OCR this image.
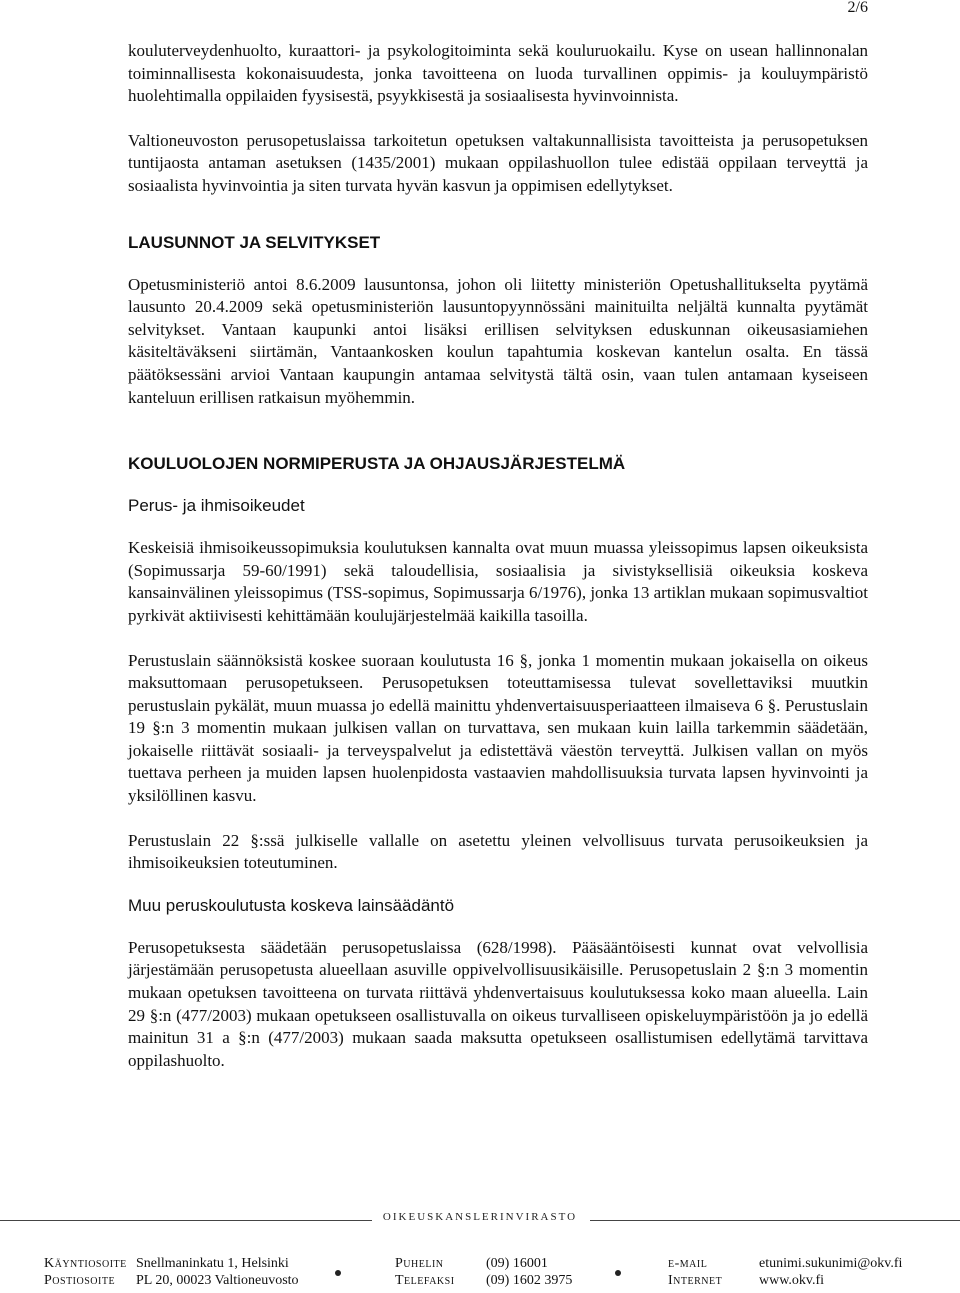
2/6

kouluterveydenhuolto, kuraattori- ja psykologitoiminta sekä kouluruokailu. Kyse on usean hallinnonalan toiminnallisesta kokonaisuudesta, jonka tavoitteena on luoda turvallinen oppimis- ja kouluympäristö huolehtimalla oppilaiden fyysisestä, psyykkisestä ja sosiaalisesta hyvinvoinnista.

Valtioneuvoston perusopetuslaissa tarkoitetun opetuksen valtakunnallisista tavoitteista ja perusopetuksen tuntijaosta antaman asetuksen (1435/2001) mukaan oppilashuollon tulee edistää oppilaan terveyttä ja sosiaalista hyvinvointia ja siten turvata hyvän kasvun ja oppimisen edellytykset.

LAUSUNNOT JA SELVITYKSET

Opetusministeriö antoi 8.6.2009 lausuntonsa, johon oli liitetty ministeriön Opetushallitukselta pyytämä lausunto 20.4.2009 sekä opetusministeriön lausuntopyynnössäni mainituilta neljältä kunnalta pyytämät selvitykset. Vantaan kaupunki antoi lisäksi erillisen selvityksen eduskunnan oikeusasiamiehen käsiteltäväkseni siirtämän, Vantaankosken koulun tapahtumia koskevan kantelun osalta. En tässä päätöksessäni arvioi Vantaan kaupungin antamaa selvitystä tältä osin, vaan tulen antamaan kyseiseen kanteluun erillisen ratkaisun myöhemmin.

KOULUOLOJEN NORMIPERUSTA JA OHJAUSJÄRJESTELMÄ
Perus- ja ihmisoikeudet

Keskeisiä ihmisoikeussopimuksia koulutuksen kannalta ovat muun muassa yleissopimus lapsen oikeuksista (Sopimussarja 59-60/1991) sekä taloudellisia, sosiaalisia ja sivistyksellisiä oikeuksia koskeva kansainvälinen yleissopimus (TSS-sopimus, Sopimussarja 6/1976), jonka 13 artiklan mukaan sopimusvaltiot pyrkivät aktiivisesti kehittämään koulujärjestelmää kaikilla tasoilla.

Perustuslain säännöksistä koskee suoraan koulutusta 16 §, jonka 1 momentin mukaan jokaisella on oikeus maksuttomaan perusopetukseen. Perusopetuksen toteuttamisessa tulevat sovellettaviksi muutkin perustuslain pykälät, muun muassa jo edellä mainittu yhdenvertaisuusperiaatteen ilmaiseva 6 §. Perustuslain 19 §:n 3 momentin mukaan julkisen vallan on turvattava, sen mukaan kuin lailla tarkemmin säädetään, jokaiselle riittävät sosiaali- ja terveyspalvelut ja edistettävä väestön terveyttä. Julkisen vallan on myös tuettava perheen ja muiden lapsen huolenpidosta vastaavien mahdollisuuksia turvata lapsen hyvinvointi ja yksilöllinen kasvu.

Perustuslain 22 §:ssä julkiselle vallalle on asetettu yleinen velvollisuus turvata perusoikeuksien ja ihmisoikeuksien toteutuminen.

Muu peruskoulutusta koskeva lainsäädäntö

Perusopetuksesta säädetään perusopetuslaissa (628/1998). Pääsääntöisesti kunnat ovat velvollisia järjestämään perusopetusta alueellaan asuville oppivelvollisuusikäisille. Perusopetuslain 2 §:n 3 momentin mukaan opetuksen tavoitteena on turvata riittävä yhdenvertaisuus koulutuksessa koko maan alueella. Lain 29 §:n (477/2003) mukaan opetukseen osallistuvalla on oikeus turvalliseen opiskeluympäristöön ja jo edellä mainitun 31 a §:n (477/2003) mukaan saada maksutta opetukseen osallistumisen edellytämä tarvittava oppilashuolto.

OIKEUSKANSLERINVIRASTO
Käyntiosoite Snellmaninkatu 1, Helsinki	Puhelin	(09) 16001	e-mail	etunimi.sukunimi@okv.fi
Postiosoite PL 20, 00023 Valtioneuvosto	Telefaksi (09) 1602 3975	Internet	www.okv.fi
